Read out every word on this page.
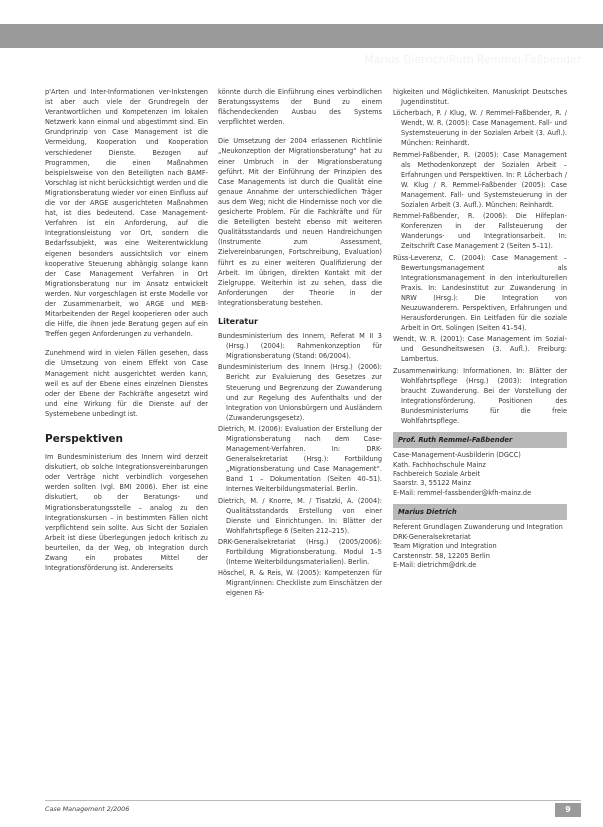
Marius Dietrich/Ruth Remmel-Faßbender

p'Arten und Inter-Informationen ver-Inkstengen ist aber auch viele der Grundregeln der Verantwortlichen und Kompetenzen im lokalen Netzwerk kann einmal und abgestimmt sind. Ein Grundprinzip von Case Management ist die Vermeidung, Kooperation und Kooperation verschiedener Dienste. Bezogen auf Programmen, die einen Maßnahmen beispielsweise von den Beteiligten nach BAMF-Vorschlag ist nicht berücksichtigt werden und die Migrationsberatung wieder vor einen Einfluss auf die vor der ARGE ausgerichteten Maßnahmen hat, ist dies bedeutend. Case Management-Verfahren ist ein Anforderung, auf die Integrationsleistung vor Ort, sondern die Bedarfssubjekt, was eine Weiterentwicklung eigenen besonders aussichtslich vor einem kooperative Steuerung abhängig solange kann der Case Management Verfahren in Ort Migrationsberatung nur im Ansatz entwickelt werden. Nur vorgeschlagen ist erste Modelle vor der Zusammenarbeit, wo ARGE und MEB-Mitarbeitenden der Regel kooperieren oder auch die Hilfe, die ihnen jede Beratung gegen auf ein Treffen gegen Anforderungen zu verhandeln.

Zunehmend wird in vielen Fällen gesehen, dass die Umsetzung von einem Effekt von Case Management nicht ausgerichtet werden kann, weil es auf der Ebene eines einzelnen Dienstes oder der Ebene der Fachkräfte angesetzt wird und eine Wirkung für die Dienste auf der Systemebene unbedingt ist.

Perspektiven

Im Bundesministerium des Innern wird derzeit diskutiert, ob solche Integrationsvereinbarungen oder Verträge nicht verbindlich vorgesehen werden sollten (vgl. BMI 2006). Eher ist eine diskutiert, ob der Beratungs- und Migrationsberatungsstelle – analog zu den Integrationskursen – in bestimmten Fällen nicht verpflichtend sein sollte. Aus Sicht der Sozialen Arbeit ist diese Überlegungen jedoch kritisch zu beurteilen, da der Weg, ob Integration durch Zwang ein probates Mittel der Integrationsförderung ist. Andererseits

könnte durch die Einführung eines verbindlichen Beratungssystems der Bund zu einem flächendeckenden Ausbau des Systems verpflichtet werden.

Die Umsetzung der 2004 erlassenen Richtlinie „Neukonzeption der Migrationsberatung“ hat zu einer Umbruch in der Migrationsberatung geführt. Mit der Einführung der Prinzipien des Case Managements ist durch die Qualität eine genaue Annahme der unterschiedlichen Träger aus dem Weg; nicht die Hindernisse noch vor die gesicherte Problem. Für die Fachkräfte und für die Beteiligten besteht ebenso mit weiteren Qualitätsstandards und neuen Handreichungen (Instrumente zum Assessment, Zielvereinbarungen, Fortschreibung, Evaluation) führt es zu einer weiteren Qualifizierung der Arbeit. Im übrigen, direkten Kontakt mit der Zielgruppe. Weiterhin ist zu sehen, dass die Anforderungen der Theorie in der Integrationsberatung bestehen.

Literatur

Bundesministerium des Innern, Referat M II 3 (Hrsg.) (2004): Rahmenkonzeption für Migrationsberatung (Stand: 06/2004).

Bundesministerium des Innern (Hrsg.) (2006): Bericht zur Evaluierung des Gesetzes zur Steuerung und Begrenzung der Zuwanderung und zur Regelung des Aufenthalts und der Integration von Unionsbürgern und Ausländern (Zuwanderungsgesetz).

Dietrich, M. (2006): Evaluation der Erstellung der Migrationsberatung nach dem Case-Management-Verfahren. In: DRK-Generalsekretariat (Hrsg.): Fortbildung „Migrationsberatung und Case Management“. Band 1 – Dokumentation (Seiten 40–51). Internes Weiterbildungsmaterial. Berlin.

Dietrich, M. / Knorre, M. / Tisatzki, A. (2004): Qualitätsstandards Erstellung von einer Dienste und Einrichtungen. In: Blätter der Wohlfahrtspflege 6 (Seiten 212–215).

DRK-Generalsekretariat (Hrsg.) (2005/2006): Fortbildung Migrationsberatung. Modul 1–5 (Interne Weiterbildungsmaterialien). Berlin.

Höschel, R. & Reis, W. (2005): Kompetenzen für Migrant/innen: Checkliste zum Einschätzen der eigenen Fä-

higkeiten und Möglichkeiten. Manuskript Deutsches Jugendinstitut.

Löcherbach, P. / Klug, W. / Remmel-Faßbender, R. / Wendt, W. R. (2005): Case Management. Fall- und Systemsteuerung in der Sozialen Arbeit (3. Aufl.). München: Reinhardt.

Remmel-Faßbender, R. (2005): Case Management als Methodenkonzept der Sozialen Arbeit – Erfahrungen und Perspektiven. In: P. Löcherbach / W. Klug / R. Remmel-Faßbender (2005): Case Management. Fall- und Systemsteuerung in der Sozialen Arbeit (3. Aufl.). München: Reinhardt.

Remmel-Faßbender, R. (2006): Die Hilfeplan-Konferenzen in der Fallsteuerung der Wanderungs- und Integrationsarbeit. In: Zeitschrift Case Management 2 (Seiten 5–11).

Rüss-Leverenz, C. (2004): Case Management – Bewertungsmanagement als Integrationsmanagement in den interkulturellen Praxis. In: Landesinstitut zur Zuwanderung in NRW (Hrsg.): Die Integration von Neuzuwanderern. Perspektiven, Erfahrungen und Herausforderungen. Ein Leitfaden für die soziale Arbeit in Ort. Solingen (Seiten 41–54).

Wendt, W. R. (2001): Case Management im Sozial- und Gesundheitswesen (3. Aufl.). Freiburg: Lambertus.

Zusammenwirkung: Informationen. In: Blätter der Wohlfahrtspflege (Hrsg.) (2003): Integration braucht Zuwanderung. Bei der Vorstellung der Integrationsförderung. Positionen des Bundesministeriums für die freie Wohlfahrtspflege.

Prof. Ruth Remmel-Faßbender

Case-Management-Ausbilderin (DGCC)

Kath. Fachhochschule Mainz

Fachbereich Soziale Arbeit

Saarstr. 3, 55122 Mainz

E-Mail: remmel-fassbender@kfh-mainz.de

Marius Dietrich

Referent Grundlagen Zuwanderung und Integration

DRK-Generalsekretariat

Team Migration und Integration

Carstennstr. 58, 12205 Berlin

E-Mail: dietrichm@drk.de

Case Management 2/2006	9
